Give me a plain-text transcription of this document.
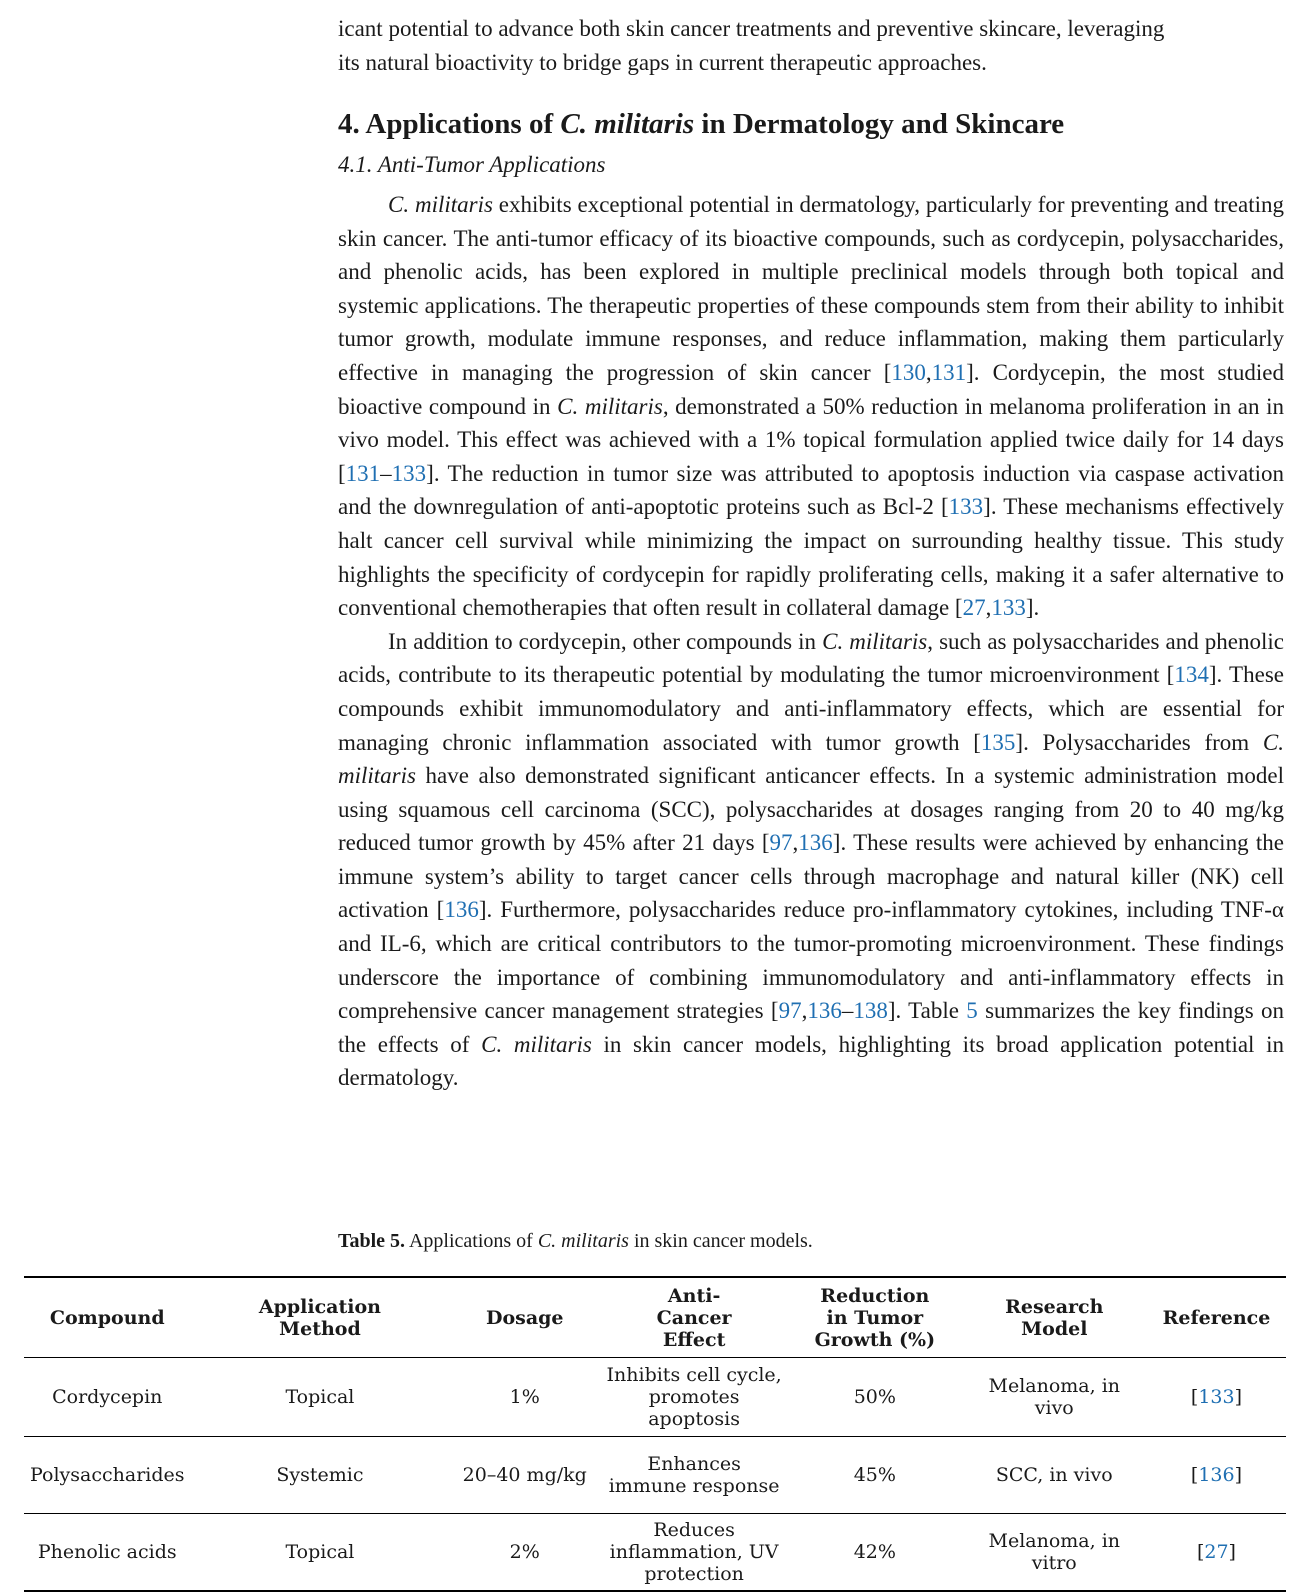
icant potential to advance both skin cancer treatments and preventive skincare, leveraging
its natural bioactivity to bridge gaps in current therapeutic approaches.

4. Applications of C. militaris in Dermatology and Skincare
4.1. Anti-Tumor Applications

C. militaris exhibits exceptional potential in dermatology, particularly for preventing and treating skin cancer. The anti-tumor efficacy of its bioactive compounds, such as cordycepin, polysaccharides, and phenolic acids, has been explored in multiple preclinical models through both topical and systemic applications. The therapeutic properties of these compounds stem from their ability to inhibit tumor growth, modulate immune responses, and reduce inflammation, making them particularly effective in managing the progression of skin cancer [130,131]. Cordycepin, the most studied bioactive compound in C. militaris, demonstrated a 50% reduction in melanoma proliferation in an in vivo model. This effect was achieved with a 1% topical formulation applied twice daily for 14 days [131–133]. The reduction in tumor size was attributed to apoptosis induction via caspase activation and the downregulation of anti-apoptotic proteins such as Bcl-2 [133]. These mechanisms effectively halt cancer cell survival while minimizing the impact on surrounding healthy tissue. This study highlights the specificity of cordycepin for rapidly proliferating cells, making it a safer alternative to conventional chemotherapies that often result in collateral damage [27,133].

In addition to cordycepin, other compounds in C. militaris, such as polysaccharides and phenolic acids, contribute to its therapeutic potential by modulating the tumor microenvironment [134]. These compounds exhibit immunomodulatory and anti-inflammatory effects, which are essential for managing chronic inflammation associated with tumor growth [135]. Polysaccharides from C. militaris have also demonstrated significant anticancer effects. In a systemic administration model using squamous cell carcinoma (SCC), polysaccharides at dosages ranging from 20 to 40 mg/kg reduced tumor growth by 45% after 21 days [97,136]. These results were achieved by enhancing the immune system’s ability to target cancer cells through macrophage and natural killer (NK) cell activation [136]. Furthermore, polysaccharides reduce pro-inflammatory cytokines, including TNF-α and IL-6, which are critical contributors to the tumor-promoting microenvironment. These findings underscore the importance of combining immunomodulatory and anti-inflammatory effects in comprehensive cancer management strategies [97,136–138]. Table 5 summarizes the key findings on the effects of C. militaris in skin cancer models, highlighting its broad application potential in dermatology.

Table 5. Applications of C. militaris in skin cancer models.
Compound	Application Method	Dosage	Anti-Cancer Effect	Reduction in Tumor Growth (%)	Research Model	Reference
Cordycepin	Topical	1%	Inhibits cell cycle, promotes apoptosis	50%	Melanoma, in vivo	[133]
Polysaccharides	Systemic	20–40 mg/kg	Enhances immune response	45%	SCC, in vivo	[136]
Phenolic acids	Topical	2%	Reduces inflammation, UV protection	42%	Melanoma, in vitro	[27]
